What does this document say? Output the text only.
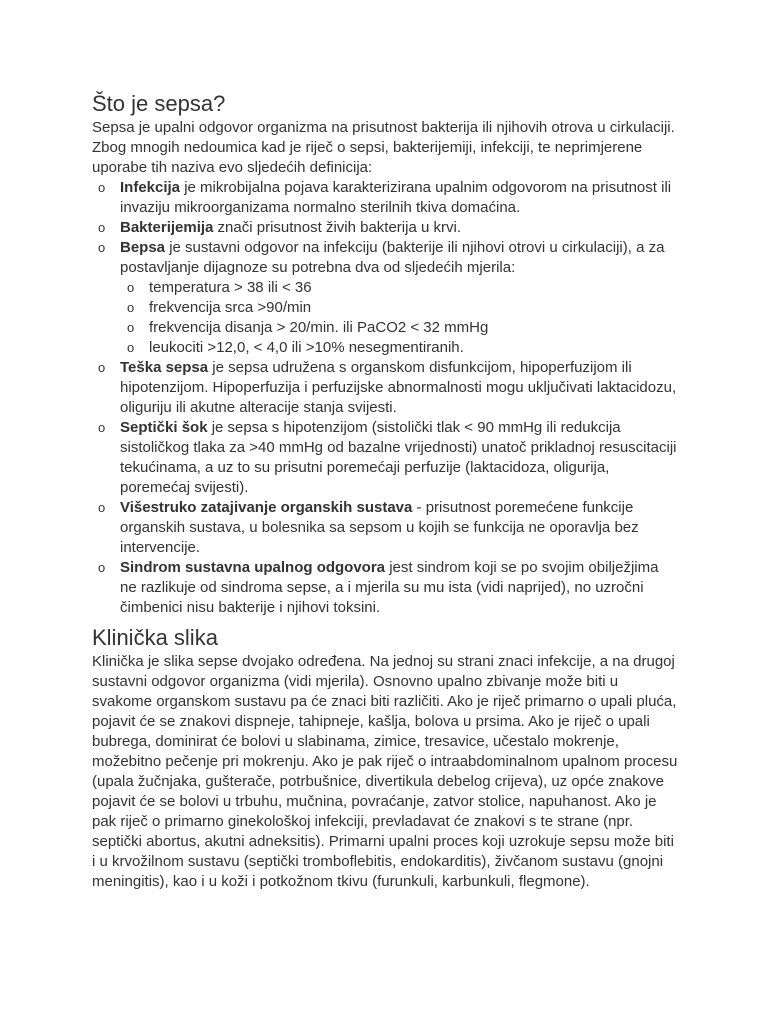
Što je sepsa?

Sepsa je upalni odgovor organizma na prisutnost bakterija ili njihovih otrova u cirkulaciji. Zbog mnogih nedoumica kad je riječ o sepsi, bakterijemiji, infekciji, te neprimjerene uporabe tih naziva evo sljedećih definicija:

o Infekcija je mikrobijalna pojava karakterizirana upalnim odgovorom na prisutnost ili invaziju mikroorganizama normalno sterilnih tkiva domaćina.
o Bakterijemija znači prisutnost živih bakterija u krvi.
o Bepsa je sustavni odgovor na infekciju (bakterije ili njihovi otrovi u cirkulaciji), a za postavljanje dijagnoze su potrebna dva od sljedećih mjerila:
o temperatura > 38 ili < 36
o frekvencija srca >90/min
o frekvencija disanja > 20/min. ili PaCO2 < 32 mmHg
o leukociti >12,0, < 4,0 ili >10% nesegmentiranih.
o Teška sepsa je sepsa udružena s organskom disfunkcijom, hipoperfuzijom ili hipotenzijom. Hipoperfuzija i perfuzijske abnormalnosti mogu uključivati laktacidozu, oliguriju ili akutne alteracije stanja svijesti.
o Septički šok je sepsa s hipotenzijom (sistolički tlak < 90 mmHg ili redukcija sistoličkog tlaka za >40 mmHg od bazalne vrijednosti) unatoč prikladnoj resuscitaciji tekućinama, a uz to su prisutni poremećaji perfuzije (laktacidoza, oligurija, poremećaj svijesti).
o Višestruko zatajivanje organskih sustava - prisutnost poremećene funkcije organskih sustava, u bolesnika sa sepsom u kojih se funkcija ne oporavlja bez intervencije.
o Sindrom sustavna upalnog odgovora jest sindrom koji se po svojim obilježjima ne razlikuje od sindroma sepse, a i mjerila su mu ista (vidi naprijed), no uzročni čimbenici nisu bakterije i njihovi toksini.
Klinička slika

Klinička je slika sepse dvojako određena. Na jednoj su strani znaci infekcije, a na drugoj sustavni odgovor organizma (vidi mjerila). Osnovno upalno zbivanje može biti u svakome organskom sustavu pa će znaci biti različiti. Ako je riječ primarno o upali pluća, pojavit će se znakovi dispneje, tahipneje, kašlja, bolova u prsima. Ako je riječ o upali bubrega, dominirat će bolovi u slabinama, zimice, tresavice, učestalo mokrenje, možebitno pečenje pri mokrenju. Ako je pak riječ o intraabdominalnom upalnom procesu (upala žučnjaka, gušterače, potrbušnice, divertikula debelog crijeva), uz opće znakove pojavit će se bolovi u trbuhu, mučnina, povraćanje, zatvor stolice, napuhanost. Ako je pak riječ o primarno ginekološkoj infekciji, prevladavat će znakovi s te strane (npr. septički abortus, akutni adneksitis). Primarni upalni proces koji uzrokuje sepsu može biti i u krvožilnom sustavu (septički tromboflebitis, endokarditis), živčanom sustavu (gnojni meningitis), kao i u koži i potkožnom tkivu (furunkuli, karbunkuli, flegmone).
